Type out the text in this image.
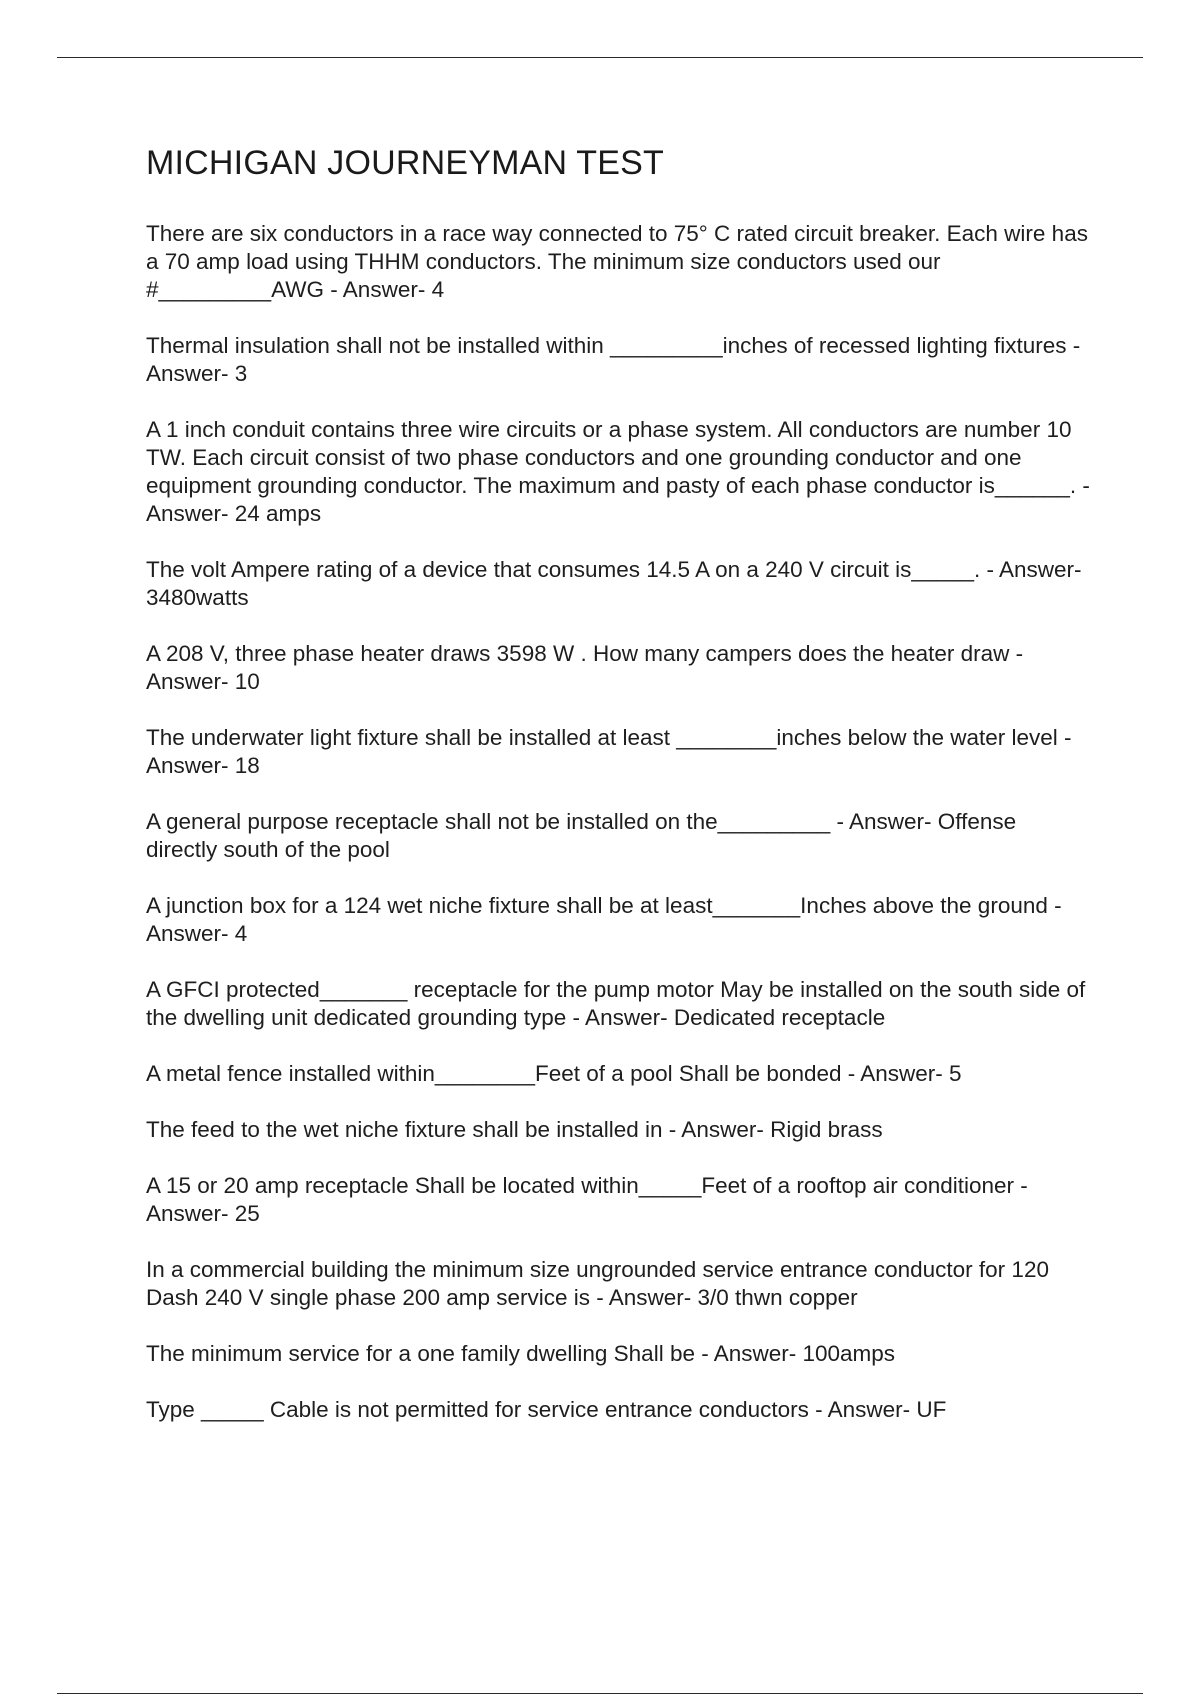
MICHIGAN JOURNEYMAN TEST

There are six conductors in a race way connected to 75° C rated circuit breaker. Each wire has a 70 amp load using THHM conductors. The minimum size conductors used our #_________AWG - Answer- 4

Thermal insulation shall not be installed within _________inches of recessed lighting fixtures - Answer- 3

A 1 inch conduit contains three wire circuits or a phase system. All conductors are number 10 TW. Each circuit consist of two phase conductors and one grounding conductor and one equipment grounding conductor. The maximum and pasty of each phase conductor is______. - Answer- 24 amps

The volt Ampere rating of a device that consumes 14.5 A on a 240 V circuit is_____. - Answer- 3480watts

A 208 V, three phase heater draws 3598 W . How many campers does the heater draw - Answer- 10

The underwater light fixture shall be installed at least ________inches below the water level - Answer- 18

A general purpose receptacle shall not be installed on the_________ - Answer- Offense directly south of the pool

A junction box for a 124 wet niche fixture shall be at least_______Inches above the ground - Answer- 4

A GFCI protected_______ receptacle for the pump motor May be installed on the south side of the dwelling unit dedicated grounding type - Answer- Dedicated receptacle

A metal fence installed within________Feet of a pool Shall be bonded - Answer- 5

The feed to the wet niche fixture shall be installed in - Answer- Rigid brass

A 15 or 20 amp receptacle Shall be located within_____Feet of a rooftop air conditioner - Answer- 25

In a commercial building the minimum size ungrounded service entrance conductor for 120 Dash 240 V single phase 200 amp service is - Answer- 3/0 thwn copper

The minimum service for a one family dwelling Shall be - Answer- 100amps

Type _____ Cable is not permitted for service entrance conductors - Answer- UF
